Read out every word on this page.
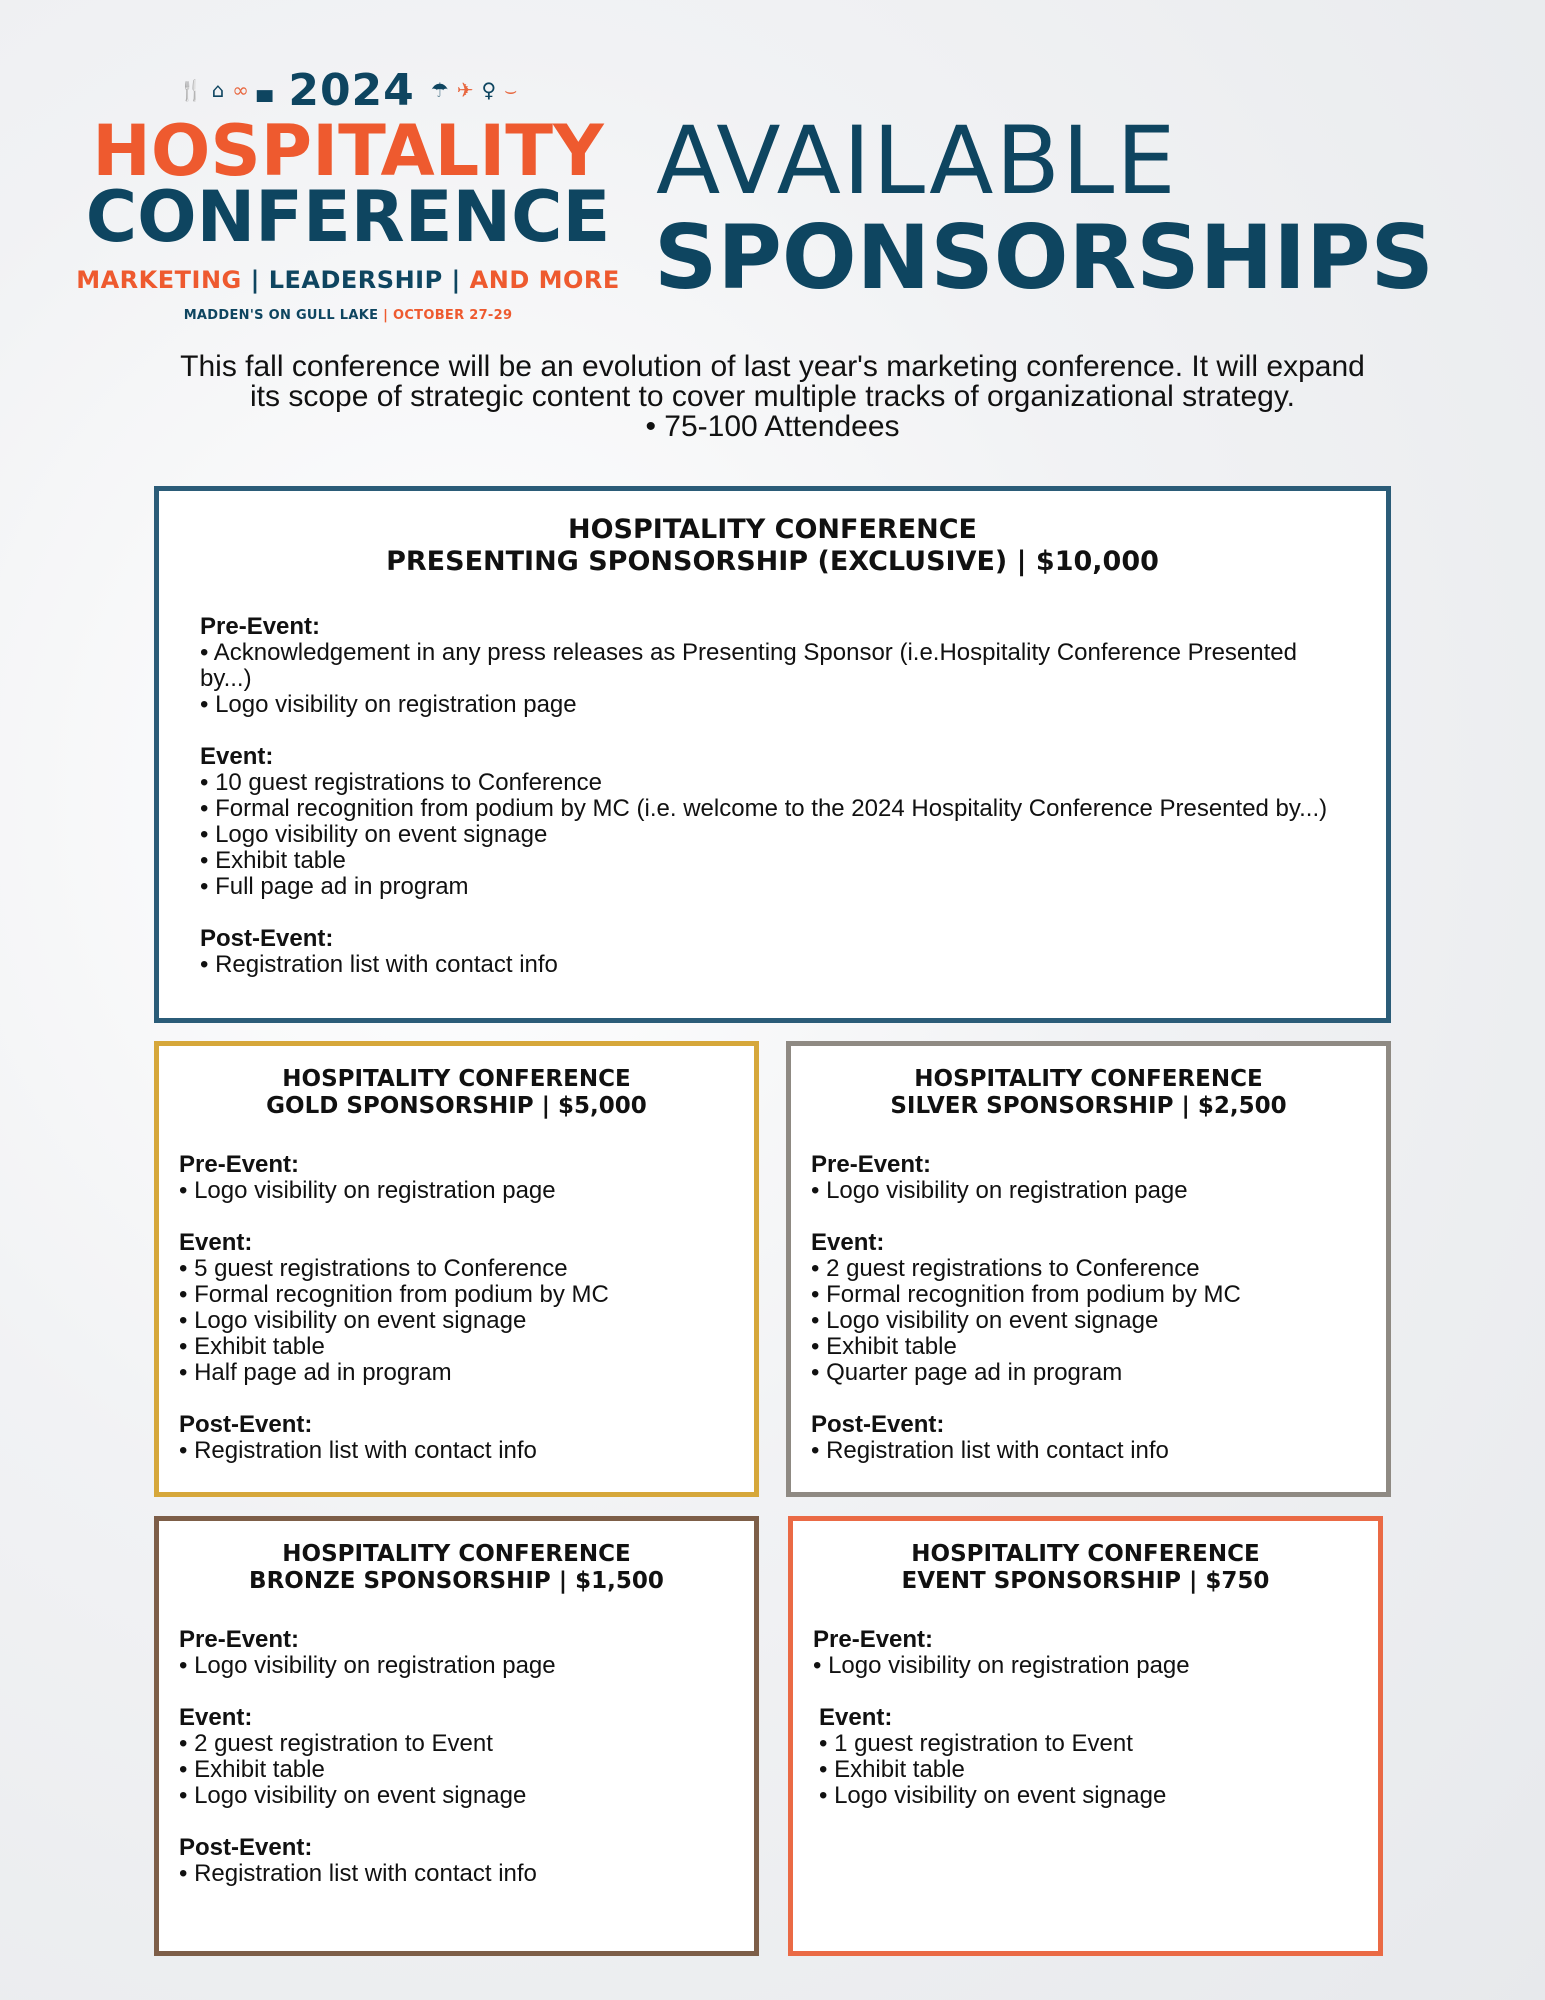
🍴 ⌂ ∞ ▄ 2024 ☂ ✈ ♀ ⌣
HOSPITALITY
CONFERENCE
MARKETING | LEADERSHIP | AND MORE
MADDEN'S ON GULL LAKE | OCTOBER 27-29
AVAILABLE
SPONSORSHIPS
This fall conference will be an evolution of last year's marketing conference. It will expand
its scope of strategic content to cover multiple tracks of organizational strategy.
• 75-100 Attendees
HOSPITALITY CONFERENCE
PRESENTING SPONSORSHIP (EXCLUSIVE) | $10,000
Pre-Event:
• Acknowledgement in any press releases as Presenting Sponsor (i.e.Hospitality Conference Presented by...)
• Logo visibility on registration page
Event:
• 10 guest registrations to Conference
• Formal recognition from podium by MC (i.e. welcome to the 2024 Hospitality Conference Presented by...)
• Logo visibility on event signage
• Exhibit table
• Full page ad in program
Post-Event:
• Registration list with contact info
HOSPITALITY CONFERENCE
GOLD SPONSORSHIP | $5,000
Pre-Event:
• Logo visibility on registration page
Event:
• 5 guest registrations to Conference
• Formal recognition from podium by MC
• Logo visibility on event signage
• Exhibit table
• Half page ad in program
Post-Event:
• Registration list with contact info
HOSPITALITY CONFERENCE
SILVER SPONSORSHIP | $2,500
Pre-Event:
• Logo visibility on registration page
Event:
• 2 guest registrations to Conference
• Formal recognition from podium by MC
• Logo visibility on event signage
• Exhibit table
• Quarter page ad in program
Post-Event:
• Registration list with contact info
HOSPITALITY CONFERENCE
BRONZE SPONSORSHIP | $1,500
Pre-Event:
• Logo visibility on registration page
Event:
• 2 guest registration to Event
• Exhibit table
• Logo visibility on event signage
Post-Event:
• Registration list with contact info
HOSPITALITY CONFERENCE
EVENT SPONSORSHIP | $750
Pre-Event:
• Logo visibility on registration page
Event:
• 1 guest registration to Event
• Exhibit table
• Logo visibility on event signage
